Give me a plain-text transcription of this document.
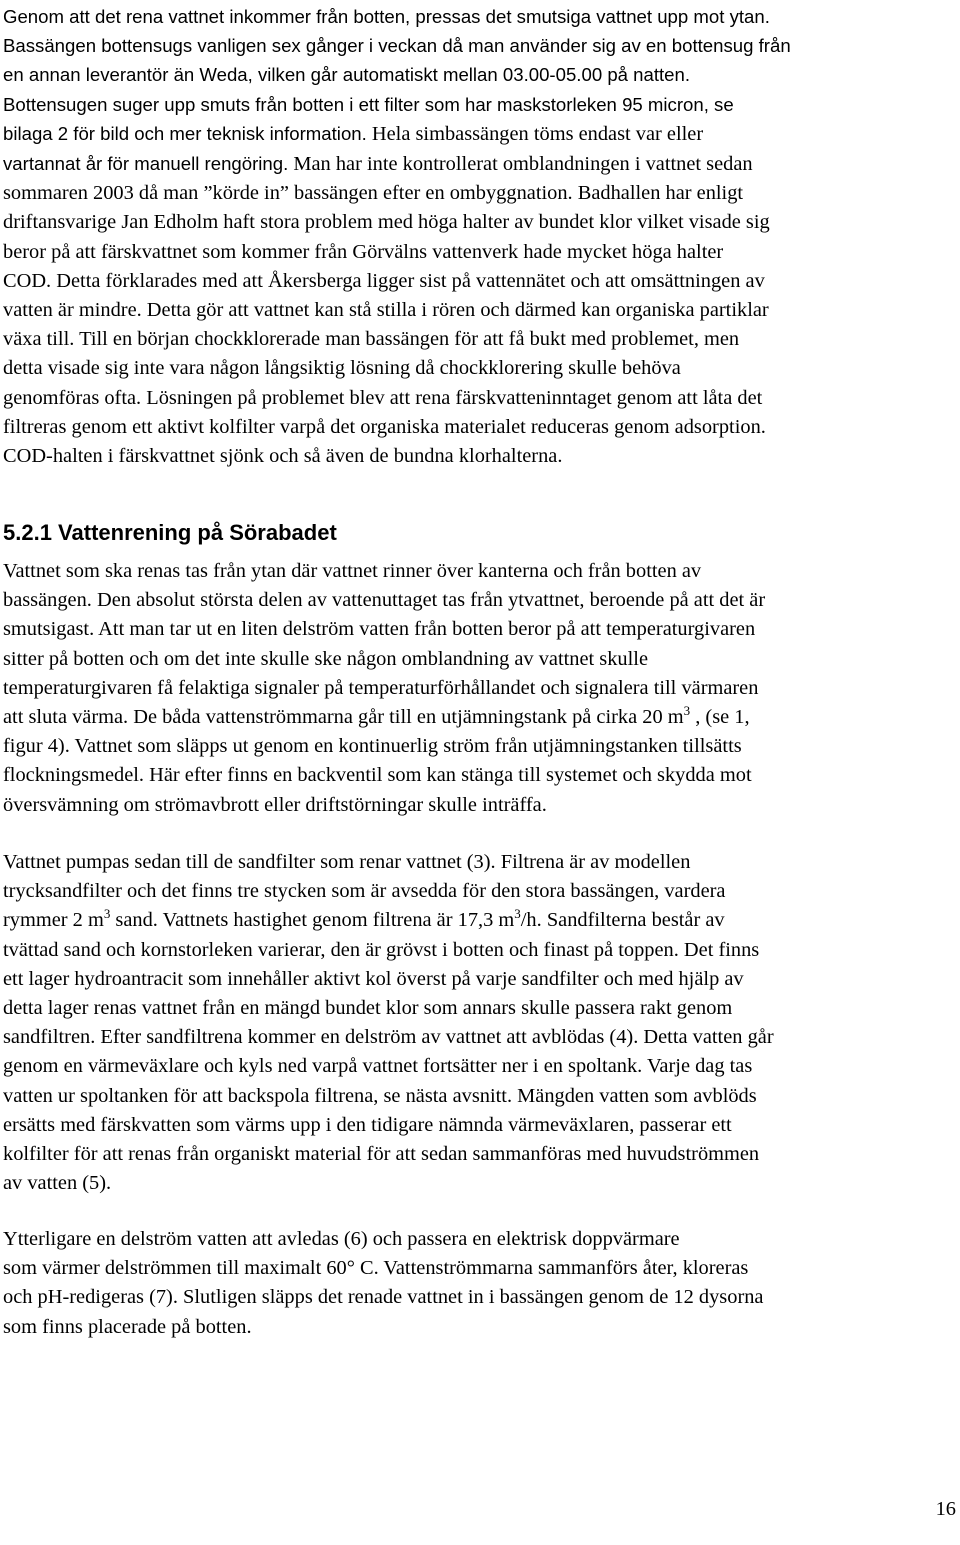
Genom att det rena vattnet inkommer från botten, pressas det smutsiga vattnet upp mot ytan.
Bassängen bottensugs vanligen sex gånger i veckan då man använder sig av en bottensug från
en annan leverantör än Weda, vilken går automatiskt mellan 03.00-05.00 på natten.
Bottensugen suger upp smuts från botten i ett filter som har maskstorleken 95 micron, se
bilaga 2 för bild och mer teknisk information. Hela simbassängen töms endast var eller
vartannat år för manuell rengöring. Man har inte kontrollerat omblandningen i vattnet sedan
sommaren 2003 då man ”körde in” bassängen efter en ombyggnation. Badhallen har enligt
driftansvarige Jan Edholm haft stora problem med höga halter av bundet klor vilket visade sig
beror på att färskvattnet som kommer från Görvälns vattenverk hade mycket höga halter
COD. Detta förklarades med att Åkersberga ligger sist på vattennätet och att omsättningen av
vatten är mindre. Detta gör att vattnet kan stå stilla i rören och därmed kan organiska partiklar
växa till. Till en början chockklorerade man bassängen för att få bukt med problemet, men
detta visade sig inte vara någon långsiktig lösning då chockklorering skulle behöva
genomföras ofta. Lösningen på problemet blev att rena färskvatteninntaget genom att låta det
filtreras genom ett aktivt kolfilter varpå det organiska materialet reduceras genom adsorption.
COD-halten i färskvattnet sjönk och så även de bundna klorhalterna.
5.2.1 Vattenrening på Sörabadet
Vattnet som ska renas tas från ytan där vattnet rinner över kanterna och från botten av
bassängen. Den absolut största delen av vattenuttaget tas från ytvattnet, beroende på att det är
smutsigast. Att man tar ut en liten delström vatten från botten beror på att temperaturgivaren
sitter på botten och om det inte skulle ske någon omblandning av vattnet skulle
temperaturgivaren få felaktiga signaler på temperaturförhållandet och signalera till värmaren
att sluta värma. De båda vattenströmmarna går till en utjämningstank på cirka 20 $m^3$ , (se 1,
figur 4). Vattnet som släpps ut genom en kontinuerlig ström från utjämningstanken tillsätts
flockningsmedel. Här efter finns en backventil som kan stänga till systemet och skydda mot
översvämning om strömavbrott eller driftstörningar skulle inträffa.
Vattnet pumpas sedan till de sandfilter som renar vattnet (3). Filtrena är av modellen
trycksandfilter och det finns tre stycken som är avsedda för den stora bassängen, vardera
rymmer 2 $m^3$ sand. Vattnets hastighet genom filtrena är 17,3 $m^3/h$. Sandfilterna består av
tvättad sand och kornstorleken varierar, den är grövst i botten och finast på toppen. Det finns
ett lager hydroantracit som innehåller aktivt kol överst på varje sandfilter och med hjälp av
detta lager renas vattnet från en mängd bundet klor som annars skulle passera rakt genom
sandfiltren. Efter sandfiltrena kommer en delström av vattnet att avblödas (4). Detta vatten går
genom en värmeväxlare och kyls ned varpå vattnet fortsätter ner i en spoltank. Varje dag tas
vatten ur spoltanken för att backspola filtrena, se nästa avsnitt. Mängden vatten som avblöds
ersätts med färskvatten som värms upp i den tidigare nämnda värmeväxlaren, passerar ett
kolfilter för att renas från organiskt material för att sedan sammanföras med huvudströmmen
av vatten (5).
Ytterligare en delström vatten att avledas (6) och passera en elektrisk doppvärmare
som värmer delströmmen till maximalt 60° C. Vattenströmmarna sammanförs åter, kloreras
och pH-redigeras (7). Slutligen släpps det renade vattnet in i bassängen genom de 12 dysorna
som finns placerade på botten.
16
